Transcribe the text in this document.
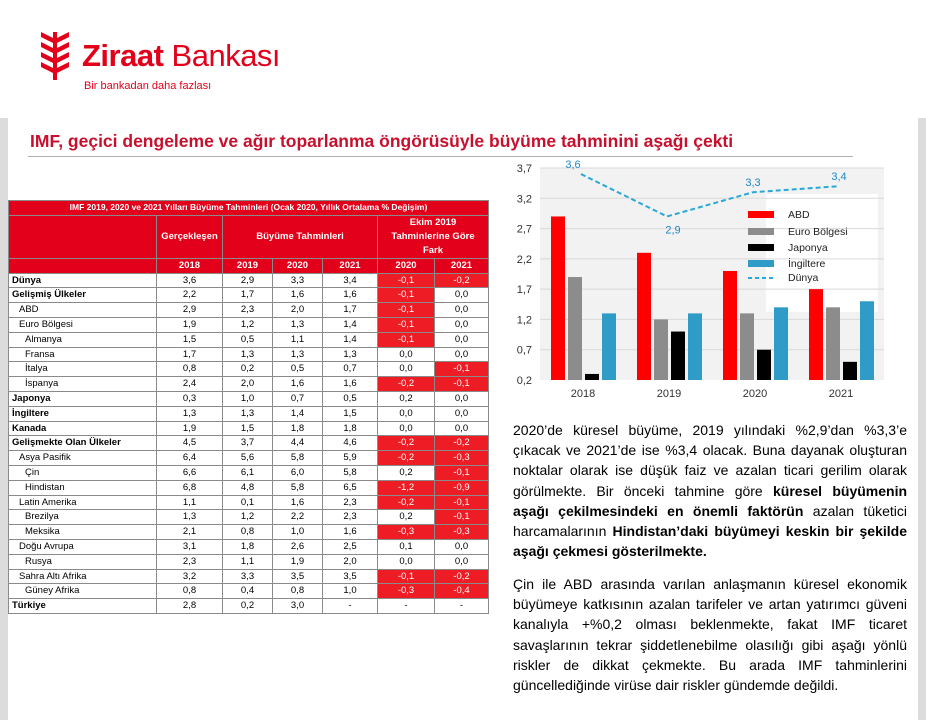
Ziraat Bankası
Bir bankadan daha fazlası
IMF, geçici dengeleme ve ağır toparlanma öngörüsüyle büyüme tahminini aşağı çekti
IMF 2019, 2020 ve 2021 Yılları Büyüme Tahminleri (Ocak 2020, Yıllık Ortalama % Değişim)						
	Gerçekleşen	Büyüme Tahminleri			Ekim 2019 Tahminlerine Göre Fark	
	2018	2019	2020	2021	2020	2021
Dünya	3,6	2,9	3,3	3,4	-0,1	-0,2
Gelişmiş Ülkeler	2,2	1,7	1,6	1,6	-0,1	0,0
ABD	2,9	2,3	2,0	1,7	-0,1	0,0
Euro Bölgesi	1,9	1,2	1,3	1,4	-0,1	0,0
Almanya	1,5	0,5	1,1	1,4	-0,1	0,0
Fransa	1,7	1,3	1,3	1,3	0,0	0,0
İtalya	0,8	0,2	0,5	0,7	0,0	-0,1
İspanya	2,4	2,0	1,6	1,6	-0,2	-0,1
Japonya	0,3	1,0	0,7	0,5	0,2	0,0
İngiltere	1,3	1,3	1,4	1,5	0,0	0,0
Kanada	1,9	1,5	1,8	1,8	0,0	0,0
Gelişmekte Olan Ülkeler	4,5	3,7	4,4	4,6	-0,2	-0,2
Asya Pasifik	6,4	5,6	5,8	5,9	-0,2	-0,3
Çin	6,6	6,1	6,0	5,8	0,2	-0,1
Hindistan	6,8	4,8	5,8	6,5	-1,2	-0,9
Latin Amerika	1,1	0,1	1,6	2,3	-0,2	-0,1
Brezilya	1,3	1,2	2,2	2,3	0,2	-0,1
Meksika	2,1	0,8	1,0	1,6	-0,3	-0,3
Doğu Avrupa	3,1	1,8	2,6	2,5	0,1	0,0
Rusya	2,3	1,1	1,9	2,0	0,0	0,0
Sahra Altı Afrika	3,2	3,3	3,5	3,5	-0,1	-0,2
Güney Afrika	0,8	0,4	0,8	1,0	-0,3	-0,4
Türkiye	2,8	0,2	3,0	-	-	-
0,2
0,7
1,2
1,7
2,2
2,7
3,2
3,7
2018	2019	2020	2021
3,6
2,9
3,3
3,4
ABD
Euro Bölgesi
Japonya
İngiltere
Dünya

2020’de küresel büyüme, 2019 yılındaki %2,9’dan %3,3’e çıkacak ve 2021’de ise %3,4 olacak. Buna dayanak oluşturan noktalar olarak ise düşük faiz ve azalan ticari gerilim olarak görülmekte. Bir önceki tahmine göre küresel büyümenin aşağı çekilmesindeki en önemli faktörün azalan tüketici harcamalarının Hindistan’daki büyümeyi keskin bir şekilde aşağı çekmesi gösterilmekte.

Çin ile ABD arasında varılan anlaşmanın küresel ekonomik büyümeye katkısının azalan tarifeler ve artan yatırımcı güveni kanalıyla +%0,2 olması beklenmekte, fakat IMF ticaret savaşlarının tekrar şiddetlenebilme olasılığı gibi aşağı yönlü riskler de dikkat çekmekte. Bu arada IMF tahminlerini güncellediğinde virüse dair riskler gündemde değildi.
